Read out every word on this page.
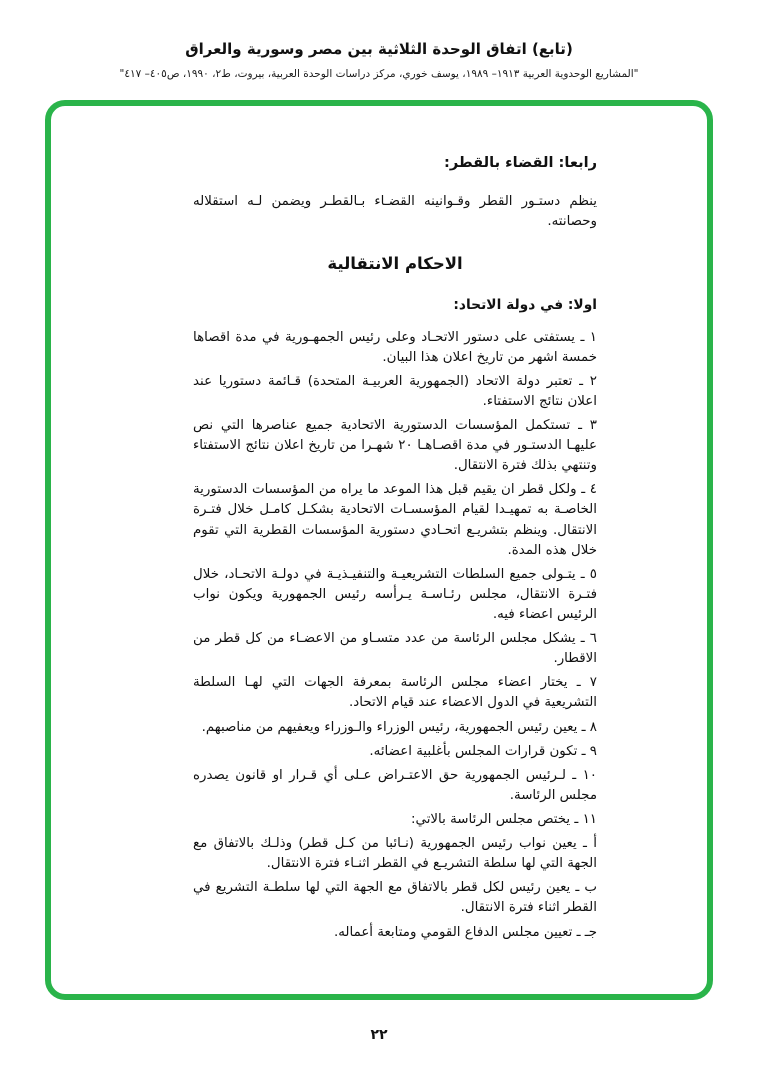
(تابع) اتفاق الوحدة الثلاثية بين مصر وسورية والعراق
"المشاريع الوحدوية العربية ١٩١٣– ١٩٨٩، يوسف خوري، مركز دراسات الوحدة العربية، بيروت، ط٢، ١٩٩٠، ص٤٠٥– ٤١٧"
رابعا: القضاء بالقطر:

ينظم دستـور القطر وقـوانينه القضـاء بـالقطـر ويضمن لـه استقلاله وحصانته.

الاحكام الانتقالية
اولا: في دولة الاتحاد:

١ ـ يستفتى على دستور الاتحـاد وعلى رئيس الجمهـورية في مدة اقصاها خمسة اشهر من تاريخ اعلان هذا البيان.

٢ ـ تعتبر دولة الاتحاد (الجمهورية العربيـة المتحدة) قـائمة دستوريا عند اعلان نتائج الاستفتاء.

٣ ـ تستكمل المؤسسات الدستورية الاتحادية جميع عناصرها التي نص عليهـا الدستـور في مدة اقصـاهـا ٢٠ شهـرا من تاريخ اعلان نتائج الاستفتاء وتنتهي بذلك فترة الانتقال.

٤ ـ ولكل قطر ان يقيم قبل هذا الموعد ما يراه من المؤسسات الدستورية الخاصـة به تمهيـدا لقيام المؤسسـات الاتحادية بشكـل كامـل خلال فتـرة الانتقال. وينظم بتشريـع اتحـادي دستورية المؤسسات القطرية التي تقوم خلال هذه المدة.

٥ ـ يتـولى جميع السلطات التشريعيـة والتنفيـذيـة في دولـة الاتحـاد، خلال فتـرة الانتقال، مجلس رئـاسـة يـرأسه رئيس الجمهورية ويكون نواب الرئيس اعضاء فيه.

٦ ـ يشكل مجلس الرئاسة من عدد متسـاو من الاعضـاء من كل قطر من الاقطار.

٧ ـ يختار اعضاء مجلس الرئاسة بمعرفة الجهات التي لهـا السلطة التشريعية في الدول الاعضاء عند قيام الاتحاد.

٨ ـ يعين رئيس الجمهورية، رئيس الوزراء والـوزراء ويعفيهم من مناصبهم.

٩ ـ تكون قرارات المجلس بأغلبية اعضائه.

١٠ ـ لـرئيس الجمهورية حق الاعتـراض عـلى أي قـرار او قانون يصدره مجلس الرئاسة.

١١ ـ يختص مجلس الرئاسة بالاتي:

أ ـ يعين نواب رئيس الجمهورية (نـائبا من كـل قطر) وذلـك بالاتفاق مع الجهة التي لها سلطة التشريـع في القطر اثنـاء فترة الانتقال.

ب ـ يعين رئيس لكل قطر بالاتفاق مع الجهة التي لها سلطـة التشريع في القطر اثناء فترة الانتقال.

جـ ـ تعيين مجلس الدفاع القومي ومتابعة أعماله.

٢٢
